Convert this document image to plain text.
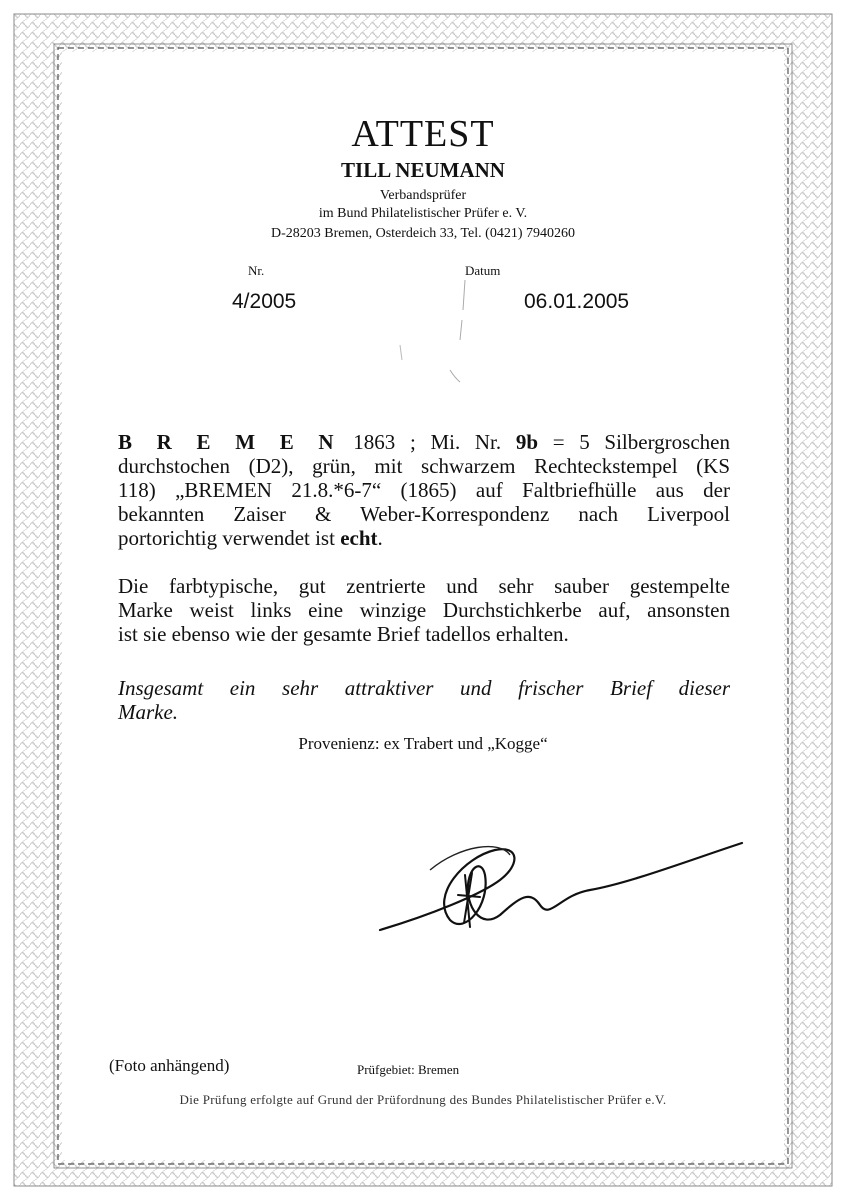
ATTEST
TILL NEUMANN
Verbandsprüfer
im Bund Philatelistischer Prüfer e. V.
D-28203 Bremen, Osterdeich 33, Tel. (0421) 7940260
Nr.	Datum
4/2005	06.01.2005
B R E M E N 1863 ; Mi. Nr. 9b = 5 Silbergroschen
durchstochen (D2), grün, mit schwarzem Rechteckstempel (KS
118) „BREMEN 21.8.*6-7“ (1865) auf Faltbriefhülle aus der
bekannten Zaiser & Weber-Korrespondenz nach Liverpool
portorichtig verwendet ist echt.
Die farbtypische, gut zentrierte und sehr sauber gestempelte
Marke weist links eine winzige Durchstichkerbe auf, ansonsten
ist sie ebenso wie der gesamte Brief tadellos erhalten.
Insgesamt ein sehr attraktiver und frischer Brief dieser
Marke.
Provenienz: ex Trabert und „Kogge“
(Foto anhängend)	Prüfgebiet: Bremen
Die Prüfung erfolgte auf Grund der Prüfordnung des Bundes Philatelistischer Prüfer e.V.
